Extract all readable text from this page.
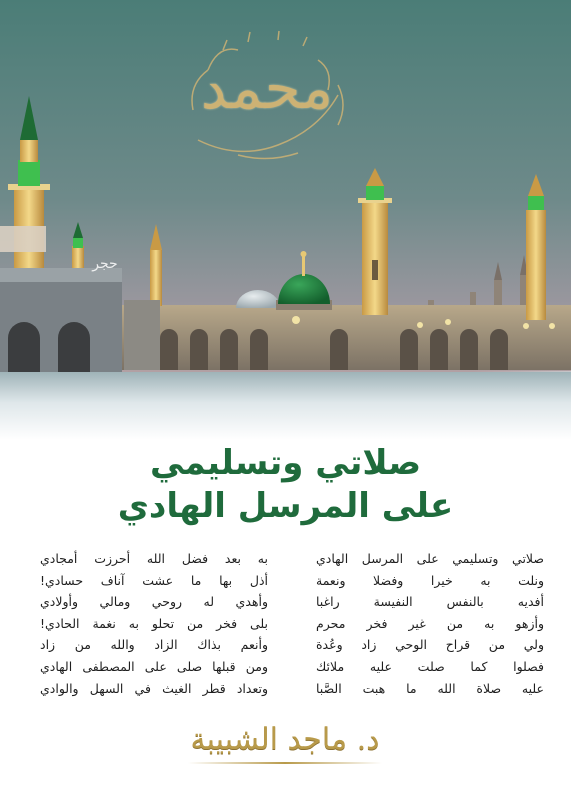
محمد
حجر
صلاتي وتسليمي
على المرسل الهادي
صلاتي وتسليمي على المرسل الهادي
ونلت به خيرا وفضلا ونعمة
أفديه بالنفس النفيسة راغبا
وأزهو به من غير فخر محرم
ولي من قراح الوحي زاد وعُدة
فصلوا كما صلت عليه ملائك
عليه صلاة الله ما هبت الصَّبا
به بعد فضل الله أحرزت أمجادي
أذل بها ما عشت آناف حسادي!
وأهدي له روحي ومالي وأولادي
بلى فخر من تحلو به نغمة الحادي!
وأنعم بذاك الزاد والله من زاد
ومن قبلها صلى على المصطفى الهادي
وتعداد قطر الغيث في السهل والوادي
د. ماجد الشبيبة
